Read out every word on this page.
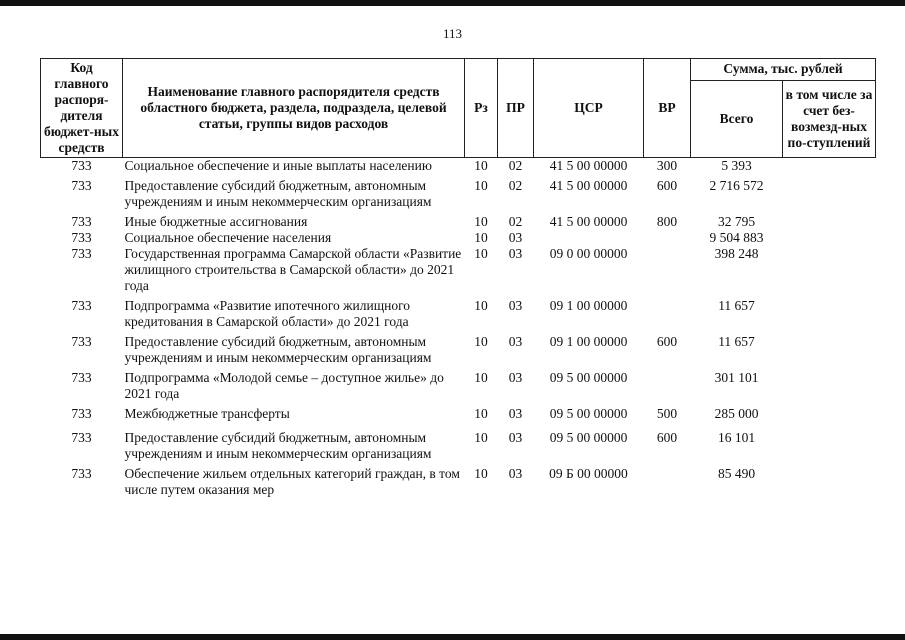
113
Код главного распоря-дителя бюджет-ных средств	Наименование главного распорядителя средств областного бюджета, раздела, подраздела, целевой статьи, группы видов расходов	Рз	ПР	ЦСР	ВР	Сумма, тыс. рублей	
						Всего	в том числе за счет без-возмезд-ных по-ступлений
733	Социальное обеспечение и иные выплаты населению	10	02	41 5 00 00000	300	5 393	
733	Предоставление субсидий бюджетным, автономным учреждениям и иным некоммерческим организациям	10	02	41 5 00 00000	600	2 716 572	
733	Иные бюджетные ассигнования	10	02	41 5 00 00000	800	32 795	
733	Социальное обеспечение населения	10	03			9 504 883	
733	Государственная программа Самарской области «Развитие жилищного строительства в Самарской области» до 2021 года	10	03	09 0 00 00000		398 248	
733	Подпрограмма «Развитие ипотечного жилищного кредитования в Самарской области» до 2021 года	10	03	09 1 00 00000		11 657	
733	Предоставление субсидий бюджетным, автономным учреждениям и иным некоммерческим организациям	10	03	09 1 00 00000	600	11 657	
733	Подпрограмма «Молодой семье – доступное жилье» до 2021 года	10	03	09 5 00 00000		301 101	
733	Межбюджетные трансферты	10	03	09 5 00 00000	500	285 000	
733	Предоставление субсидий бюджетным, автономным учреждениям и иным некоммерческим организациям	10	03	09 5 00 00000	600	16 101	
733	Обеспечение жильем отдельных категорий граждан, в том числе путем оказания мер	10	03	09 Б 00 00000		85 490	
